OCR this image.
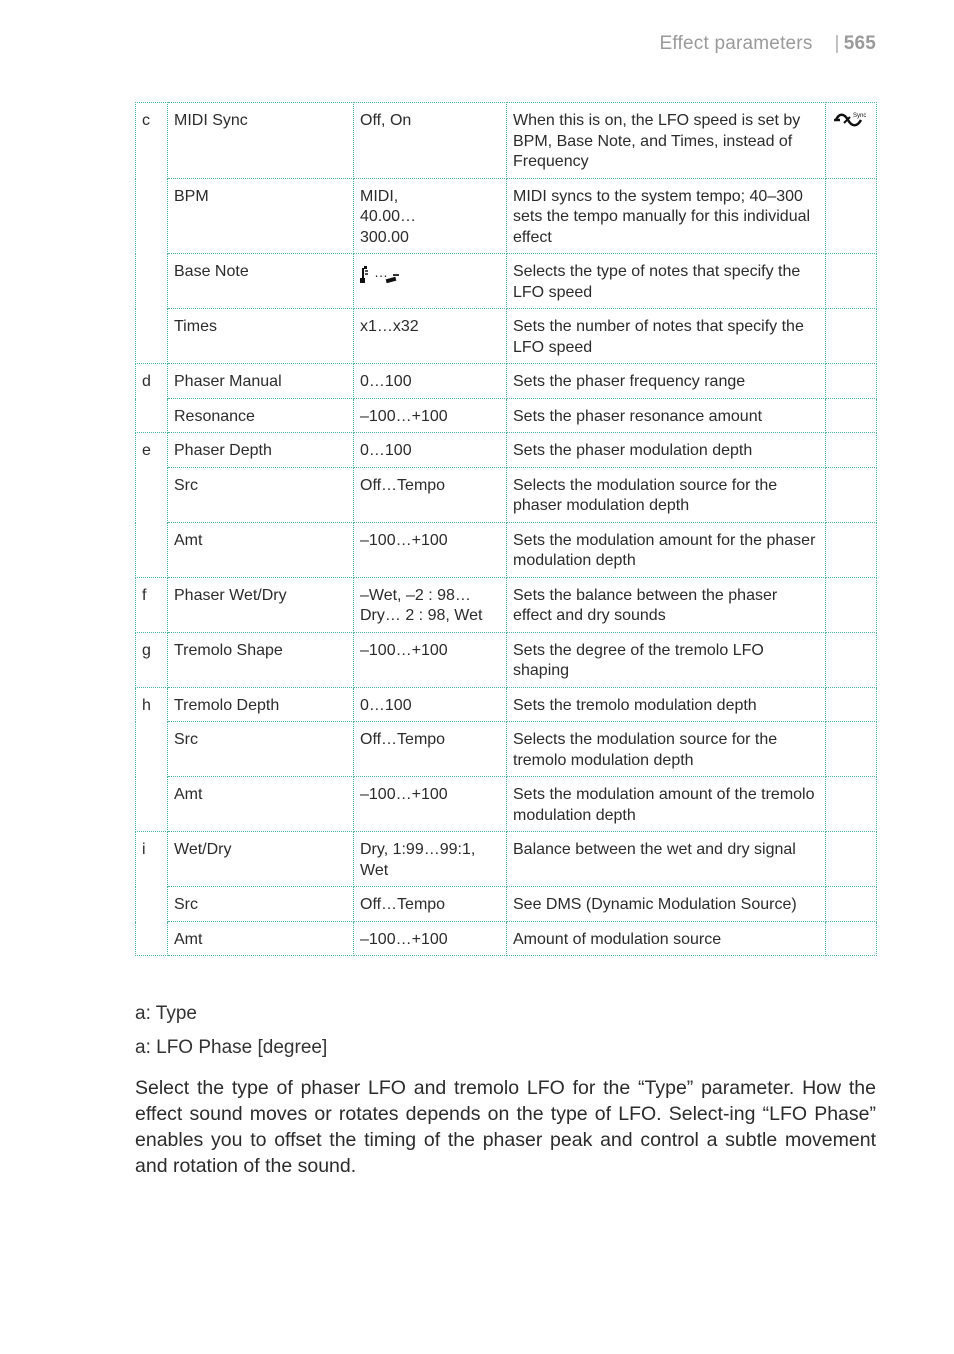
Effect parameters | 565
c	MIDI Sync	Off, On	When this is on, the LFO speed is set by BPM, Base Note, and Times, instead of Frequency	Sync

	BPM	MIDI,
40.00…
300.00	MIDI syncs to the system tempo; 40–300 sets the tempo manually for this individual effect	
	Base Note	…	Selects the type of notes that specify the LFO speed	
	Times	x1…x32	Sets the number of notes that specify the LFO speed	
d	Phaser Manual	0…100	Sets the phaser frequency range	
	Resonance	–100…+100	Sets the phaser resonance amount	
e	Phaser Depth	0…100	Sets the phaser modulation depth	
	Src	Off…Tempo	Selects the modulation source for the phaser modulation depth	
	Amt	–100…+100	Sets the modulation amount for the phaser modulation depth	
f	Phaser Wet/Dry	–Wet, –2 : 98…
Dry… 2 : 98, Wet	Sets the balance between the phaser effect and dry sounds	
g	Tremolo Shape	–100…+100	Sets the degree of the tremolo LFO shaping	
h	Tremolo Depth	0…100	Sets the tremolo modulation depth	
	Src	Off…Tempo	Selects the modulation source for the tremolo modulation depth	
	Amt	–100…+100	Sets the modulation amount of the tremolo modulation depth	
i	Wet/Dry	Dry, 1:99…99:1,
Wet	Balance between the wet and dry signal	
	Src	Off…Tempo	See DMS (Dynamic Modulation Source)	
	Amt	–100…+100	Amount of modulation source	
a: Type
a: LFO Phase [degree]

Select the type of phaser LFO and tremolo LFO for the “Type” parameter. How the effect sound moves or rotates depends on the type of LFO. Select-ing “LFO Phase” enables you to offset the timing of the phaser peak and control a subtle movement and rotation of the sound.
